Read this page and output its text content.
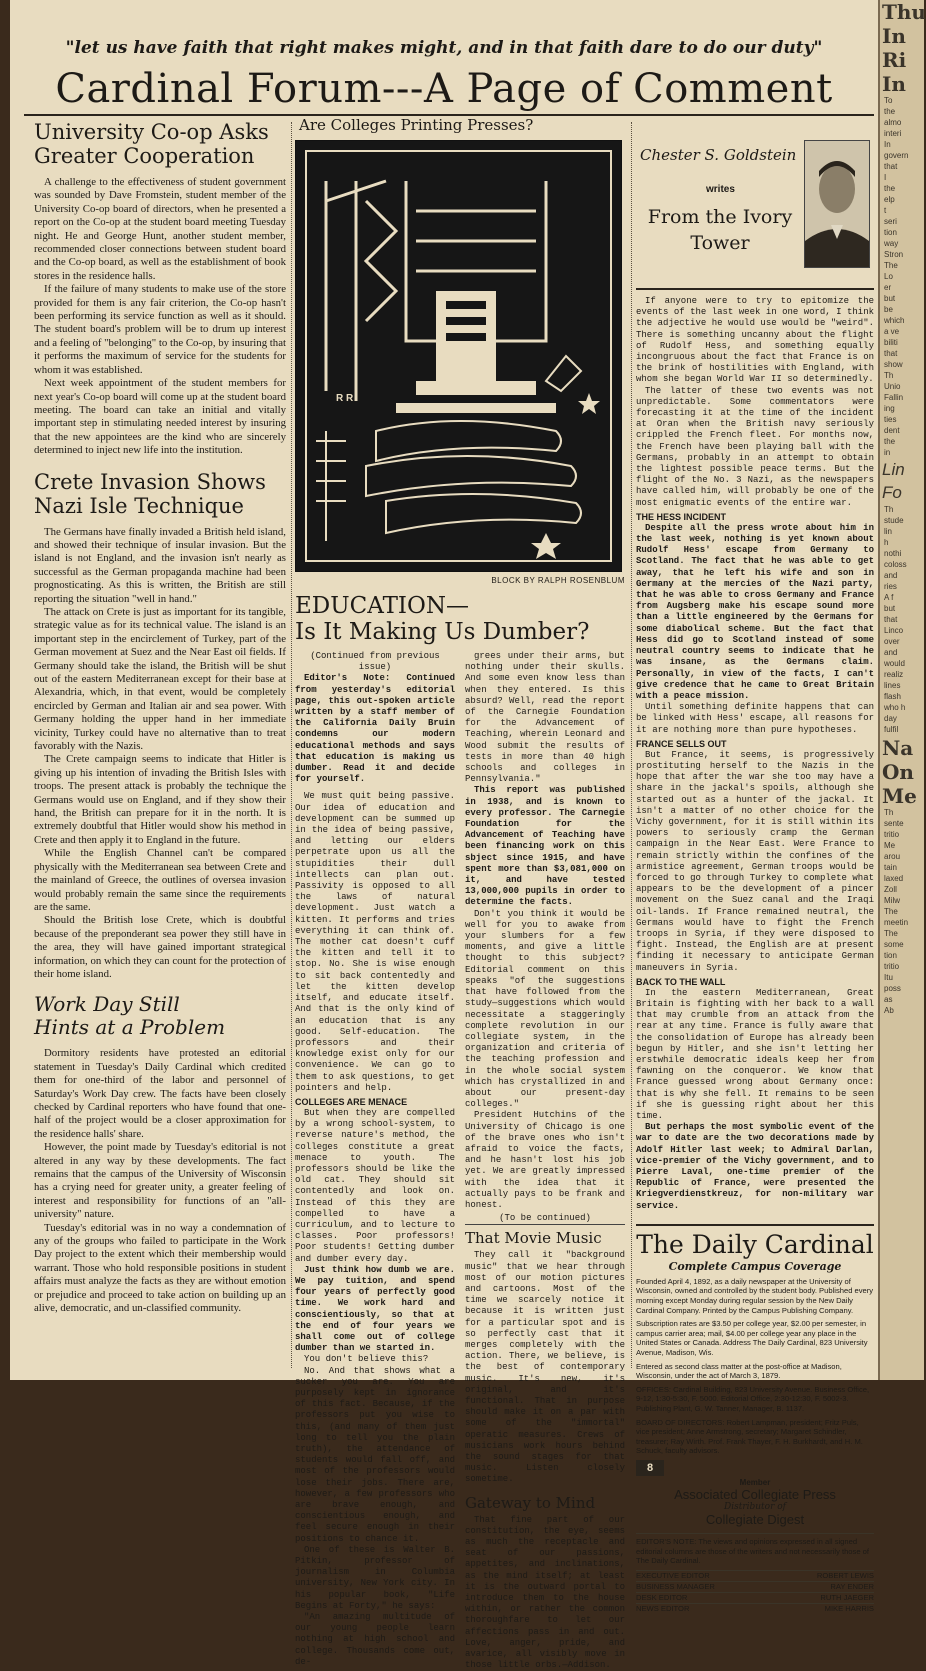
"let us have faith that right makes might, and in that faith dare to do our duty"
Cardinal Forum---A Page of Comment
University Co-op Asks
Greater Cooperation

A challenge to the effectiveness of student government was sounded by Dave Fromstein, student member of the University Co-op board of directors, when he presented a report on the Co-op at the student board meeting Tuesday night. He and George Hunt, another student member, recommended closer connections between student board and the Co-op board, as well as the establishment of book stores in the residence halls.

If the failure of many students to make use of the store provided for them is any fair criterion, the Co-op hasn't been performing its service function as well as it should. The student board's problem will be to drum up interest and a feeling of "belonging" to the Co-op, by insuring that it performs the maximum of service for the students for whom it was established.

Next week appointment of the student members for next year's Co-op board will come up at the student board meeting. The board can take an initial and vitally important step in stimulating needed interest by insuring that the new appointees are the kind who are sincerely determined to inject new life into the institution.

Crete Invasion Shows
Nazi Isle Technique

The Germans have finally invaded a British held island, and showed their technique of insular invasion. But the island is not England, and the invasion isn't nearly as successful as the German propaganda machine had been prognosticating. As this is written, the British are still reporting the situation "well in hand."

The attack on Crete is just as important for its tangible, strategic value as for its technical value. The island is an important step in the encirclement of Turkey, part of the German movement at Suez and the Near East oil fields. If Germany should take the island, the British will be shut out of the eastern Mediterranean except for their base at Alexandria, which, in that event, would be completely encircled by German and Italian air and sea power. With Germany holding the upper hand in her immediate vicinity, Turkey could have no alternative than to treat favorably with the Nazis.

The Crete campaign seems to indicate that Hitler is giving up his intention of invading the British Isles with troops. The present attack is probably the technique the Germans would use on England, and if they show their hand, the British can prepare for it in the north. It is extremely doubtful that Hitler would show his method in Crete and then apply it to England in the future.

While the English Channel can't be compared physically with the Mediterranean sea between Crete and the mainland of Greece, the outlines of oversea invasion would probably remain the same since the requirements are the same.

Should the British lose Crete, which is doubtful because of the preponderant sea power they still have in the area, they will have gained important strategical information, on which they can count for the protection of their home island.

Work Day Still
Hints at a Problem

Dormitory residents have protested an editorial statement in Tuesday's Daily Cardinal which credited them for one-third of the labor and personnel of Saturday's Work Day crew. The facts have been closely checked by Cardinal reporters who have found that one-half of the project would be a closer approximation for the residence halls' share.

However, the point made by Tuesday's editorial is not altered in any way by these developments. The fact remains that the campus of the University of Wisconsin has a crying need for greater unity, a greater feeling of interest and responsibility for functions of an "all-university" nature.

Tuesday's editorial was in no way a condemnation of any of the groups who failed to participate in the Work Day project to the extent which their membership would warrant. Those who hold responsible positions in student affairs must analyze the facts as they are without emotion or prejudice and proceed to take action on building up an alive, democratic, and un-classified community.

Are Colleges Printing Presses?
R R
BLOCK BY RALPH ROSENBLUM
EDUCATION—
Is It Making Us Dumber?

(Continued from previous issue)

Editor's Note: Continued from yesterday's editorial page, this out-spoken article written by a staff member of the California Daily Bruin condemns our modern educational methods and says that education is making us dumber. Read it and decide for yourself.

We must quit being passive. Our idea of education and development can be summed up in the idea of being passive, and letting our elders perpetrate upon us all the stupidities their dull intellects can plan out. Passivity is opposed to all the laws of natural development. Just watch a kitten. It performs and tries everything it can think of. The mother cat doesn't cuff the kitten and tell it to stop. No. She is wise enough to sit back contentedly and let the kitten develop itself, and educate itself. And that is the only kind of an education that is any good. Self-education. The professors and their knowledge exist only for our convenience. We can go to them to ask questions, to get pointers and help.

COLLEGES ARE MENACE

But when they are compelled by a wrong school-system, to reverse nature's method, the colleges constitute a great menace to youth. The professors should be like the old cat. They should sit contentedly and look on. Instead of this they are compelled to have a curriculum, and to lecture to classes. Poor professors! Poor students! Getting dumber and dumber every day.

Just think how dumb we are. We pay tuition, and spend four years of perfectly good time. We work hard and conscientiously, so that at the end of four years we shall come out of college dumber than we started in.

You don't believe this?

No. And that shows what a sucker you are. You are purposely kept in ignorance of this fact. Because, if the professors put you wise to this, (and many of them just long to tell you the plain truth), the attendance of students would fall off, and most of the professors would lose their jobs. There are, however, a few professors who are brave enough, and conscientious enough, and feel secure enough in their positions to chance it.

One of these is Walter B. Pitkin, professor of journalism in Columbia university, New York city. In his popular book, "Life Begins at Forty," he says:

"An amazing multitude of our young people learn nothing at high school and college. Thousands come out, de-

grees under their arms, but nothing under their skulls. And some even know less than when they entered. Is this absurd? Well, read the report of the Carnegie Foundation for the Advancement of Teaching, wherein Leonard and Wood submit the results of tests in more than 40 high schools and colleges in Pennsylvania."

This report was published in 1938, and is known to every professor. The Carnegie Foundation for the Advancement of Teaching have been financing work on this sbject since 1915, and have spent more than $3,081,000 on it, and have tested 13,000,000 pupils in order to determine the facts.

Don't you think it would be well for you to awake from your slumbers for a few moments, and give a little thought to this subject? Editorial comment on this speaks "of the suggestions that have followed from the study—suggestions which would necessitate a staggeringly complete revolution in our collegiate system, in the organization and criteria of the teaching profession and in the whole social system which has crystallized in and about our present-day colleges."

President Hutchins of the University of Chicago is one of the brave ones who isn't afraid to voice the facts, and he hasn't lost his job yet. We are greatly impressed with the idea that it actually pays to be frank and honest.

(To be continued)

That Movie Music

They call it "background music" that we hear through most of our motion pictures and cartoons. Most of the time we scarcely notice it because it is written just for a particular spot and is so perfectly cast that it merges completely with the action. There, we believe, is the best of contemporary music. It's new, it's original, and it's functional. That in purpose should make it on a par with some of the "immortal" operatic measures. Crews of musicians work hours behind the sound stages for that music. Listen closely sometime.

Gateway to Mind

That fine part of our constitution, the eye, seems as much the receptacle and seat of our passions, appetites, and inclinations, as the mind itself; at least it is the outward portal to introduce them to the house within, or rather the common thoroughfare to let our affections pass in and out. Love, anger, pride, and avarice, all visibly move in those little orbs.—Addison.

Chester S. Goldstein
writes
From the Ivory
Tower

If anyone were to try to epitomize the events of the last week in one word, I think the adjective he would use would be "weird". There is something uncanny about the flight of Rudolf Hess, and something equally incongruous about the fact that France is on the brink of hostilities with England, with whom she began World War II so determinedly.

The latter of these two events was not unpredictable. Some commentators were forecasting it at the time of the incident at Oran when the British navy seriously crippled the French fleet. For months now, the French have been playing ball with the Germans, probably in an attempt to obtain the lightest possible peace terms. But the flight of the No. 3 Nazi, as the newspapers have called him, will probably be one of the most enigmatic events of the entire war.

THE HESS INCIDENT

Despite all the press wrote about him in the last week, nothing is yet known about Rudolf Hess' escape from Germany to Scotland. The fact that he was able to get away, that he left his wife and son in Germany at the mercies of the Nazi party, that he was able to cross Germany and France from Augsberg make his escape sound more than a little engineered by the Germans for some diabolical scheme. But the fact that Hess did go to Scotland instead of some neutral country seems to indicate that he was insane, as the Germans claim. Personally, in view of the facts, I can't give credence that he came to Great Britain with a peace mission.

Until something definite happens that can be linked with Hess' escape, all reasons for it are nothing more than pure hypotheses.

FRANCE SELLS OUT

But France, it seems, is progressively prostituting herself to the Nazis in the hope that after the war she too may have a share in the jackal's spoils, although she started out as a hunter of the jackal. It isn't a matter of no other choice for the Vichy government, for it is still within its powers to seriously cramp the German campaign in the Near East. Were France to remain strictly within the confines of the armistice agreement, German troops would be forced to go through Turkey to complete what appears to be the development of a pincer movement on the Suez canal and the Iraqi oil-lands. If France remained neutral, the Germans would have to fight the French troops in Syria, if they were disposed to fight. Instead, the English are at present finding it necessary to anticipate German maneuvers in Syria.

BACK TO THE WALL

In the eastern Mediterranean, Great Britain is fighting with her back to a wall that may crumble from an attack from the rear at any time. France is fully aware that the consolidation of Europe has already been begun by Hitler, and she isn't letting her erstwhile democratic ideals keep her from fawning on the conqueror. We know that France guessed wrong about Germany once: that is why she fell. It remains to be seen if she is guessing right about her this time.

But perhaps the most symbolic event of the war to date are the two decorations made by Adolf Hitler last week; to Admiral Darlan, vice-premier of the Vichy government, and to Pierre Laval, one-time premier of the Republic of France, were presented the Kriegverdienstkreuz, for non-military war service.

The Daily Cardinal
Complete Campus Coverage

Founded April 4, 1892, as a daily newspaper at the University of Wisconsin, owned and controlled by the student body. Published every morning except Monday during regular session by the New Daily Cardinal Company. Printed by the Campus Publishing Company.

Subscription rates are $3.50 per college year, $2.00 per semester, in campus carrier area; mail, $4.00 per college year any place in the United States or Canada. Address The Daily Cardinal, 823 University Avenue, Madison, Wis.

Entered as second class matter at the post-office at Madison, Wisconsin, under the act of March 3, 1879.

OFFICES: Cardinal Building, 823 University Avenue. Business Office, 9-12, 1:30-5:30, F. 5000. Editorial Office, 2:30-12:30, F. 5002-3. Publishing Plant, G. W. Tanner, Manager, B. 1137.

BOARD OF DIRECTORS: Robert Lampman, president; Fritz Puls, vice president; Anne Armstrong, secretary; Margaret Schindler, treasurer; Ray Wirth. Prof. Frank Thayer, F. H. Burkhardt, and H. M. Schuck, faculty advisors.

8
Member
Associated Collegiate Press
Distributor of
Collegiate Digest
EDITOR'S NOTE: The views and opinions expressed in all signed editorial columns are those of the writers and not necessarily those of The Daily Cardinal.
EXECUTIVE EDITOR	ROBERT LEWIS
BUSINESS MANAGER	RAY ENDER
DESK EDITOR	RUTH JAEGER
NEWS EDITOR	MIKE HARRIS
Thu
In
Ri
In
To
the
almo
interi
In
govern
that
I
the
elp
t
seri
tion
way
Stron
The
Lo
er
but
be
which
a ve
biliti
that
show
Th
Unio
Fallin
ing
ties
dent
the
in
Lin
Fo
Th
stude
lin
h
nothi
coloss
and
ries
A f
but
that
Linco
over
and
would
realiz
lines
flash
who h
day
fulfil
Na
On
Me
Th
sente
tritio
Me
arou
tain
laxed
Zoll
Milw
The
meetin
The
some
tion
tritio
Itu
poss
as
Ab
